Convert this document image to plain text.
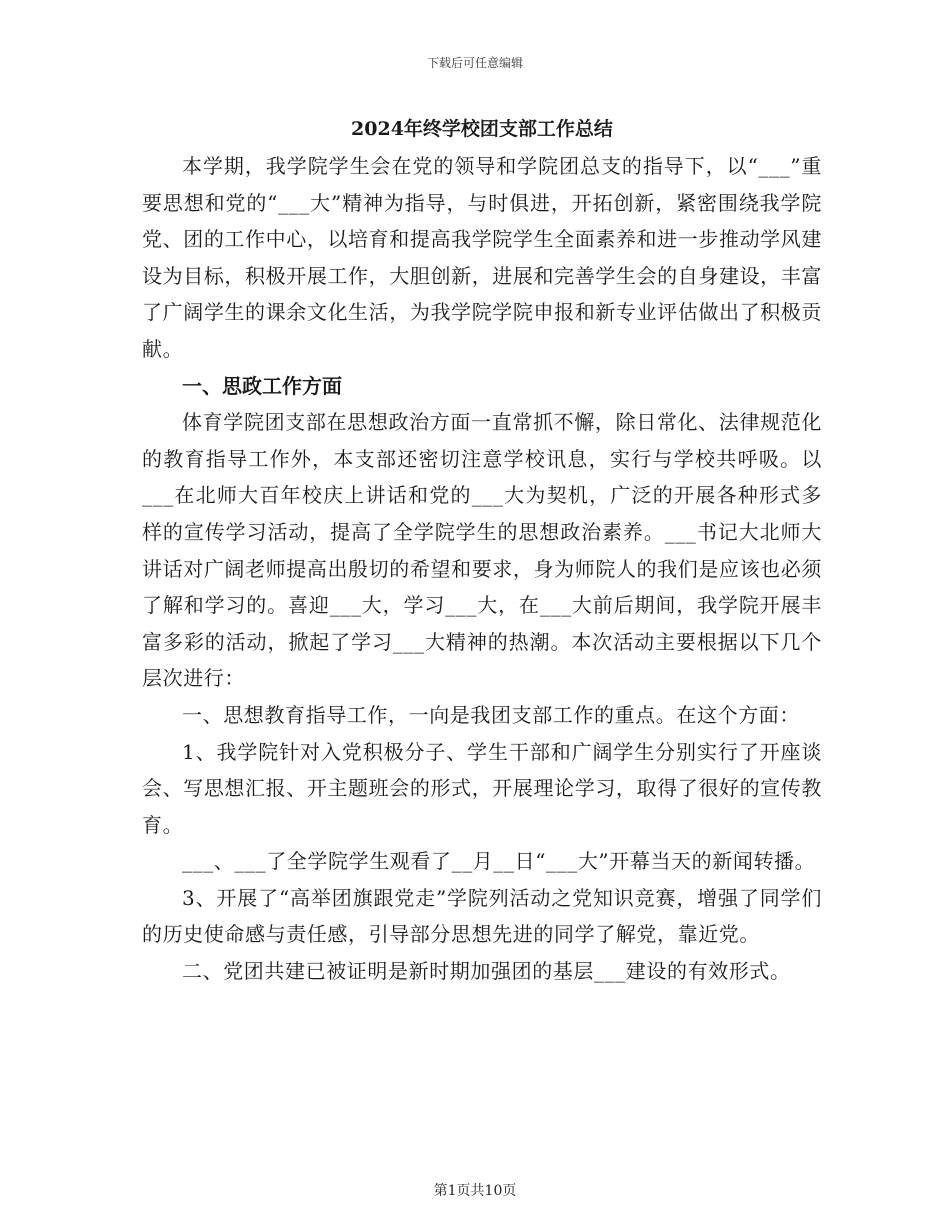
下载后可任意编辑
2024年终学校团支部工作总结

本学期，我学院学生会在党的领导和学院团总支的指导下，以“___”重要思想和党的“___大”精神为指导，与时俱进，开拓创新，紧密围绕我学院党、团的工作中心，以培育和提高我学院学生全面素养和进一步推动学风建设为目标，积极开展工作，大胆创新，进展和完善学生会的自身建设，丰富了广阔学生的课余文化生活，为我学院学院申报和新专业评估做出了积极贡献。

一、思政工作方面

体育学院团支部在思想政治方面一直常抓不懈，除日常化、法律规范化的教育指导工作外，本支部还密切注意学校讯息，实行与学校共呼吸。以___在北师大百年校庆上讲话和党的___大为契机，广泛的开展各种形式多样的宣传学习活动，提高了全学院学生的思想政治素养。___书记大北师大讲话对广阔老师提高出殷切的希望和要求，身为师院人的我们是应该也必须了解和学习的。喜迎___大，学习___大，在___大前后期间，我学院开展丰富多彩的活动，掀起了学习___大精神的热潮。本次活动主要根据以下几个层次进行：

一、思想教育指导工作，一向是我团支部工作的重点。在这个方面：

1、我学院针对入党积极分子、学生干部和广阔学生分别实行了开座谈会、写思想汇报、开主题班会的形式，开展理论学习，取得了很好的宣传教育。

___、___了全学院学生观看了__月__日“___大”开幕当天的新闻转播。

3、开展了“高举团旗跟党走”学院列活动之党知识竞赛，增强了同学们的历史使命感与责任感，引导部分思想先进的同学了解党，靠近党。

二、党团共建已被证明是新时期加强团的基层___建设的有效形式。

第1页共10页
